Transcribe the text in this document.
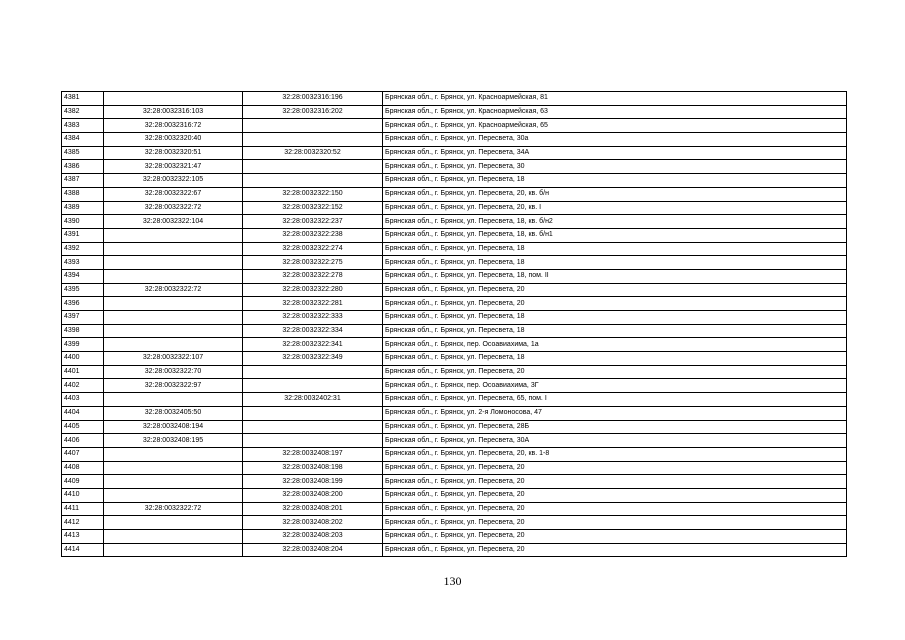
4381		32:28:0032316:196	Брянская обл., г. Брянск, ул. Красноармейская, 81
4382	32:28:0032316:103	32:28:0032316:202	Брянская обл., г. Брянск, ул. Красноармейская, 63
4383	32:28:0032316:72		Брянская обл., г. Брянск, ул. Красноармейская, 65
4384	32:28:0032320:40		Брянская обл., г. Брянск, ул. Пересвета, 30а
4385	32:28:0032320:51	32:28:0032320:52	Брянская обл., г. Брянск, ул. Пересвета, 34А
4386	32:28:0032321:47		Брянская обл., г. Брянск, ул. Пересвета, 30
4387	32:28:0032322:105		Брянская обл., г. Брянск, ул. Пересвета, 18
4388	32:28:0032322:67	32:28:0032322:150	Брянская обл., г. Брянск, ул. Пересвета, 20, кв. б/н
4389	32:28:0032322:72	32:28:0032322:152	Брянская обл., г. Брянск, ул. Пересвета, 20, кв. I
4390	32:28:0032322:104	32:28:0032322:237	Брянская обл., г. Брянск, ул. Пересвета, 18, кв. б/н2
4391		32:28:0032322:238	Брянская обл., г. Брянск, ул. Пересвета, 18, кв. б/н1
4392		32:28:0032322:274	Брянская обл., г. Брянск, ул. Пересвета, 18
4393		32:28:0032322:275	Брянская обл., г. Брянск, ул. Пересвета, 18
4394		32:28:0032322:278	Брянская обл., г. Брянск, ул. Пересвета, 18, пом. II
4395	32:28:0032322:72	32:28:0032322:280	Брянская обл., г. Брянск, ул. Пересвета, 20
4396		32:28:0032322:281	Брянская обл., г. Брянск, ул. Пересвета, 20
4397		32:28:0032322:333	Брянская обл., г. Брянск, ул. Пересвета, 18
4398		32:28:0032322:334	Брянская обл., г. Брянск, ул. Пересвета, 18
4399		32:28:0032322:341	Брянская обл., г. Брянск, пер. Осоавиахима, 1а
4400	32:28:0032322:107	32:28:0032322:349	Брянская обл., г. Брянск, ул. Пересвета, 18
4401	32:28:0032322:70		Брянская обл., г. Брянск, ул. Пересвета, 20
4402	32:28:0032322:97		Брянская обл., г. Брянск, пер. Осоавиахима, 3Г
4403		32:28:0032402:31	Брянская обл., г. Брянск, ул. Пересвета, 65, пом. I
4404	32:28:0032405:50		Брянская обл., г. Брянск, ул. 2-я Ломоносова, 47
4405	32:28:0032408:194		Брянская обл., г. Брянск, ул. Пересвета, 28Б
4406	32:28:0032408:195		Брянская обл., г. Брянск, ул. Пересвета, 30А
4407		32:28:0032408:197	Брянская обл., г. Брянск, ул. Пересвета, 20, кв. 1-8
4408		32:28:0032408:198	Брянская обл., г. Брянск, ул. Пересвета, 20
4409		32:28:0032408:199	Брянская обл., г. Брянск, ул. Пересвета, 20
4410		32:28:0032408:200	Брянская обл., г. Брянск, ул. Пересвета, 20
4411	32:28:0032322:72	32:28:0032408:201	Брянская обл., г. Брянск, ул. Пересвета, 20
4412		32:28:0032408:202	Брянская обл., г. Брянск, ул. Пересвета, 20
4413		32:28:0032408:203	Брянская обл., г. Брянск, ул. Пересвета, 20
4414		32:28:0032408:204	Брянская обл., г. Брянск, ул. Пересвета, 20
130
